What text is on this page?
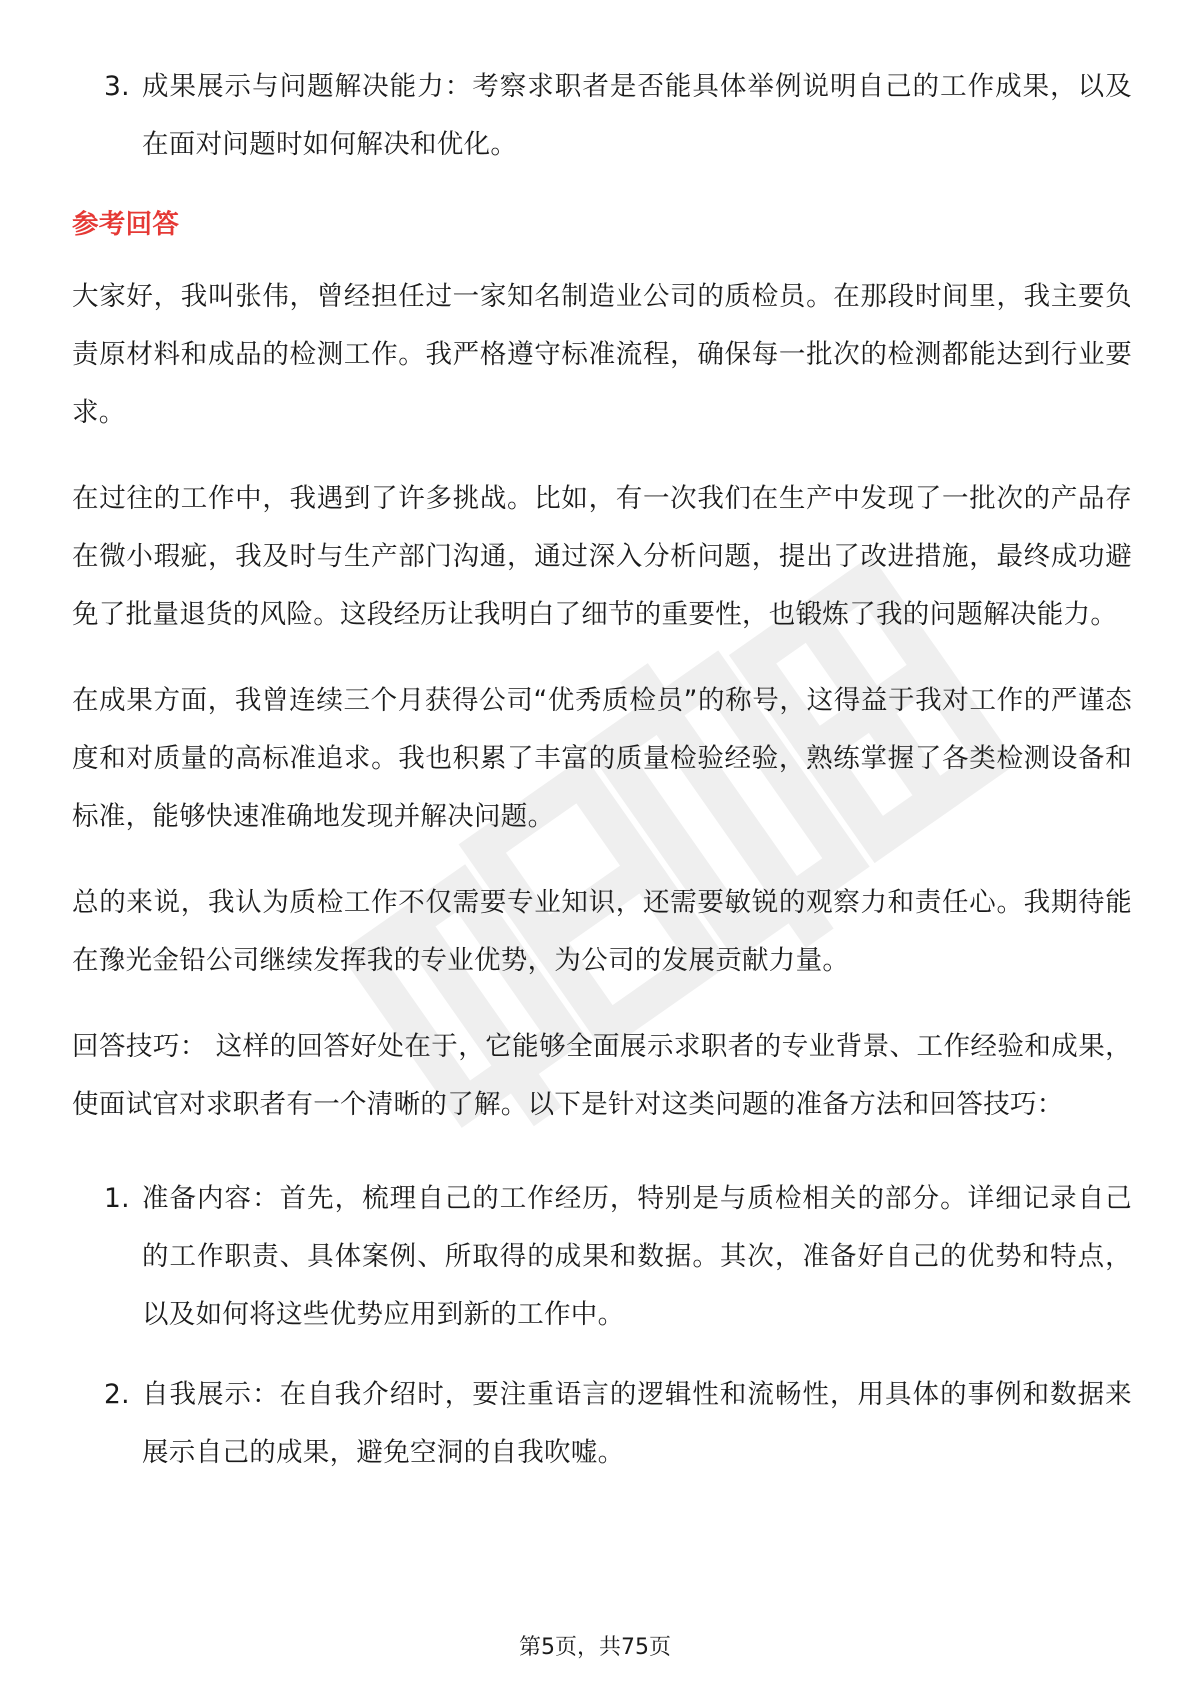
3. 成果展示与问题解决能力：考察求职者是否能具体举例说明自己的工作成果，以及在面对问题时如何解决和优化。
参考回答

大家好，我叫张伟，曾经担任过一家知名制造业公司的质检员。在那段时间里，我主要负责原材料和成品的检测工作。我严格遵守标准流程，确保每一批次的检测都能达到行业要求。

在过往的工作中，我遇到了许多挑战。比如，有一次我们在生产中发现了一批次的产品存在微小瑕疵，我及时与生产部门沟通，通过深入分析问题，提出了改进措施，最终成功避免了批量退货的风险。这段经历让我明白了细节的重要性，也锻炼了我的问题解决能力。

在成果方面，我曾连续三个月获得公司“优秀质检员”的称号，这得益于我对工作的严谨态度和对质量的高标准追求。我也积累了丰富的质量检验经验，熟练掌握了各类检测设备和标准，能够快速准确地发现并解决问题。

总的来说，我认为质检工作不仅需要专业知识，还需要敏锐的观察力和责任心。我期待能在豫光金铅公司继续发挥我的专业优势，为公司的发展贡献力量。

回答技巧： 这样的回答好处在于，它能够全面展示求职者的专业背景、工作经验和成果，使面试官对求职者有一个清晰的了解。以下是针对这类问题的准备方法和回答技巧：

1. 准备内容：首先，梳理自己的工作经历，特别是与质检相关的部分。详细记录自己的工作职责、具体案例、所取得的成果和数据。其次，准备好自己的优势和特点，以及如何将这些优势应用到新的工作中。
2. 自我展示：在自我介绍时，要注重语言的逻辑性和流畅性，用具体的事例和数据来展示自己的成果，避免空洞的自我吹嘘。
第5页，共75页
